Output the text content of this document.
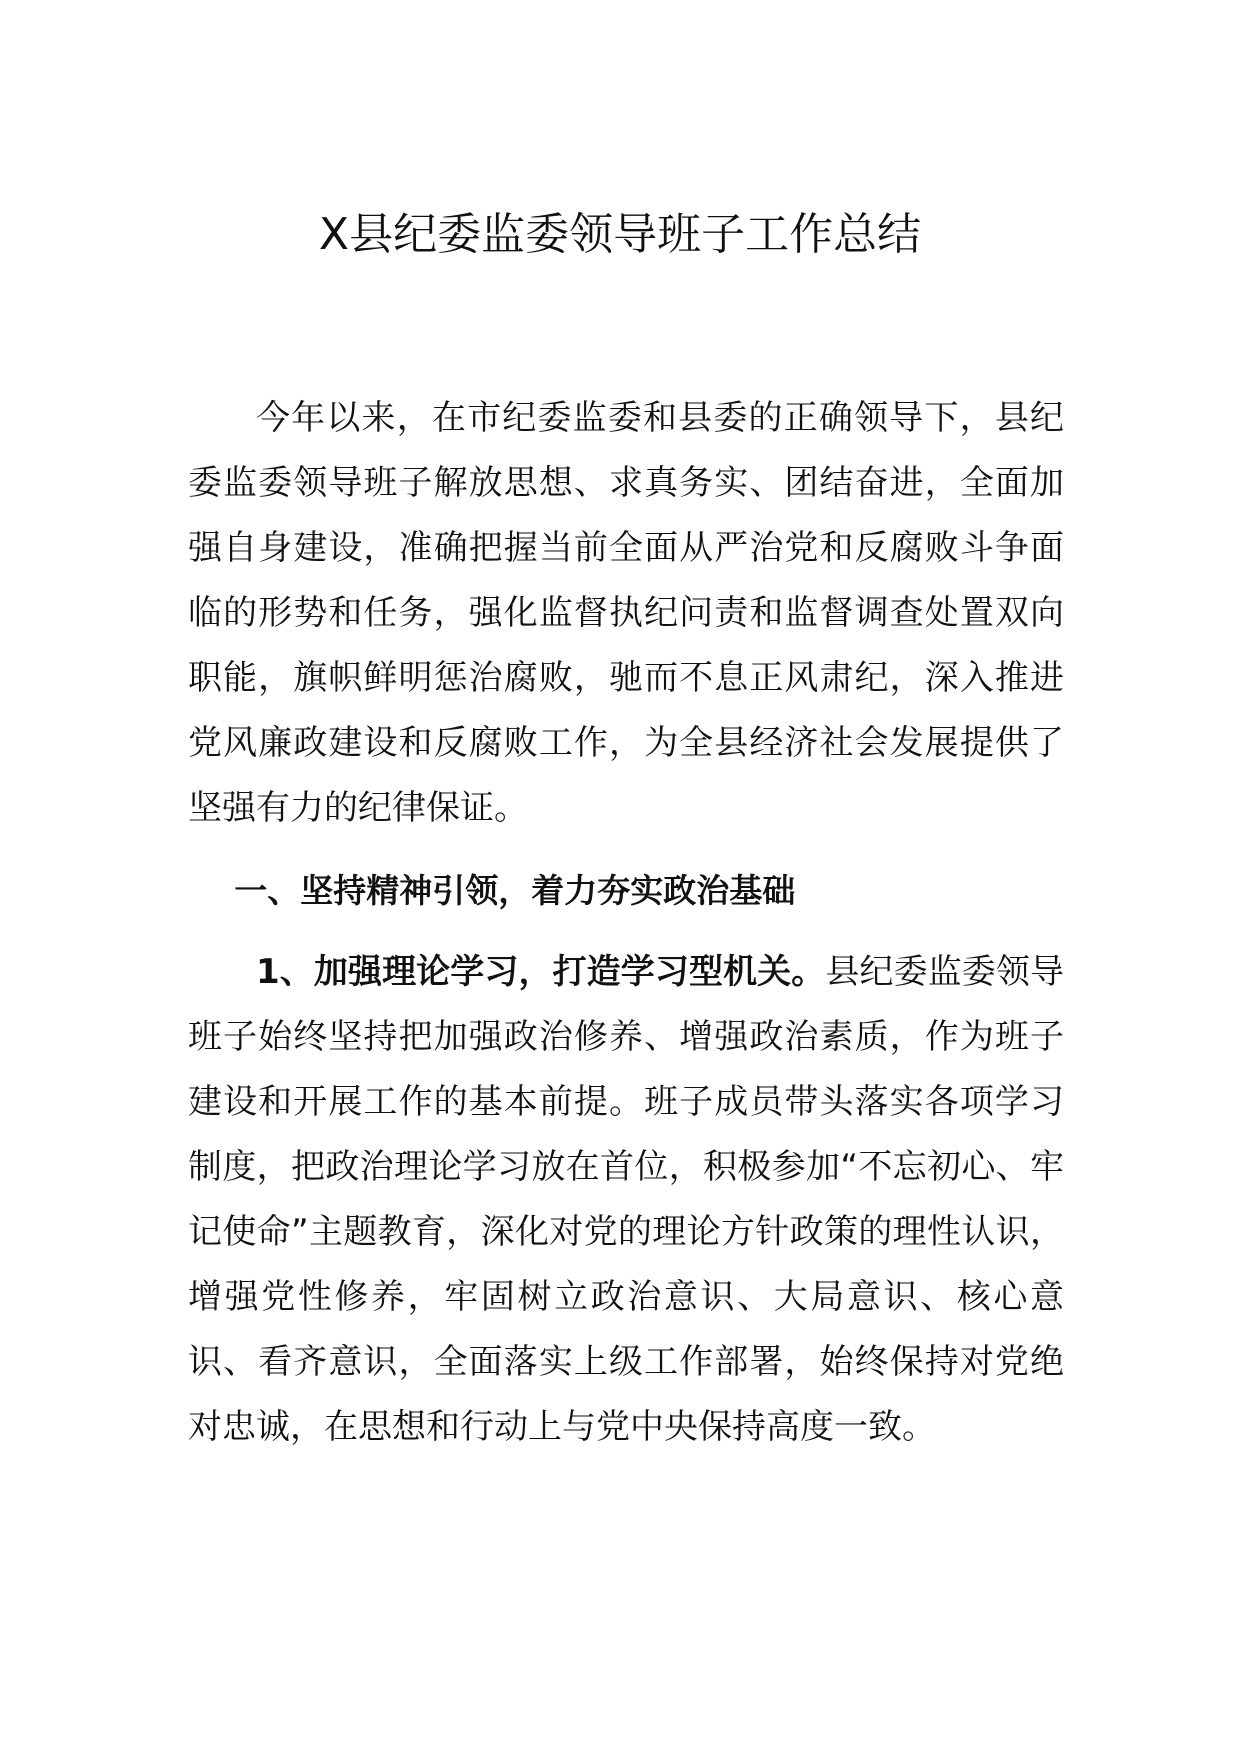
X县纪委监委领导班子工作总结

今年以来，在市纪委监委和县委的正确领导下，县纪委监委领导班子解放思想、求真务实、团结奋进，全面加强自身建设，准确把握当前全面从严治党和反腐败斗争面临的形势和任务，强化监督执纪问责和监督调查处置双向职能，旗帜鲜明惩治腐败，驰而不息正风肃纪，深入推进党风廉政建设和反腐败工作，为全县经济社会发展提供了坚强有力的纪律保证。

一、坚持精神引领，着力夯实政治基础

1、加强理论学习，打造学习型机关。县纪委监委领导班子始终坚持把加强政治修养、增强政治素质，作为班子建设和开展工作的基本前提。班子成员带头落实各项学习制度，把政治理论学习放在首位，积极参加“不忘初心、牢记使命”主题教育，深化对党的理论方针政策的理性认识，增强党性修养，牢固树立政治意识、大局意识、核心意识、看齐意识，全面落实上级工作部署，始终保持对党绝对忠诚，在思想和行动上与党中央保持高度一致。
